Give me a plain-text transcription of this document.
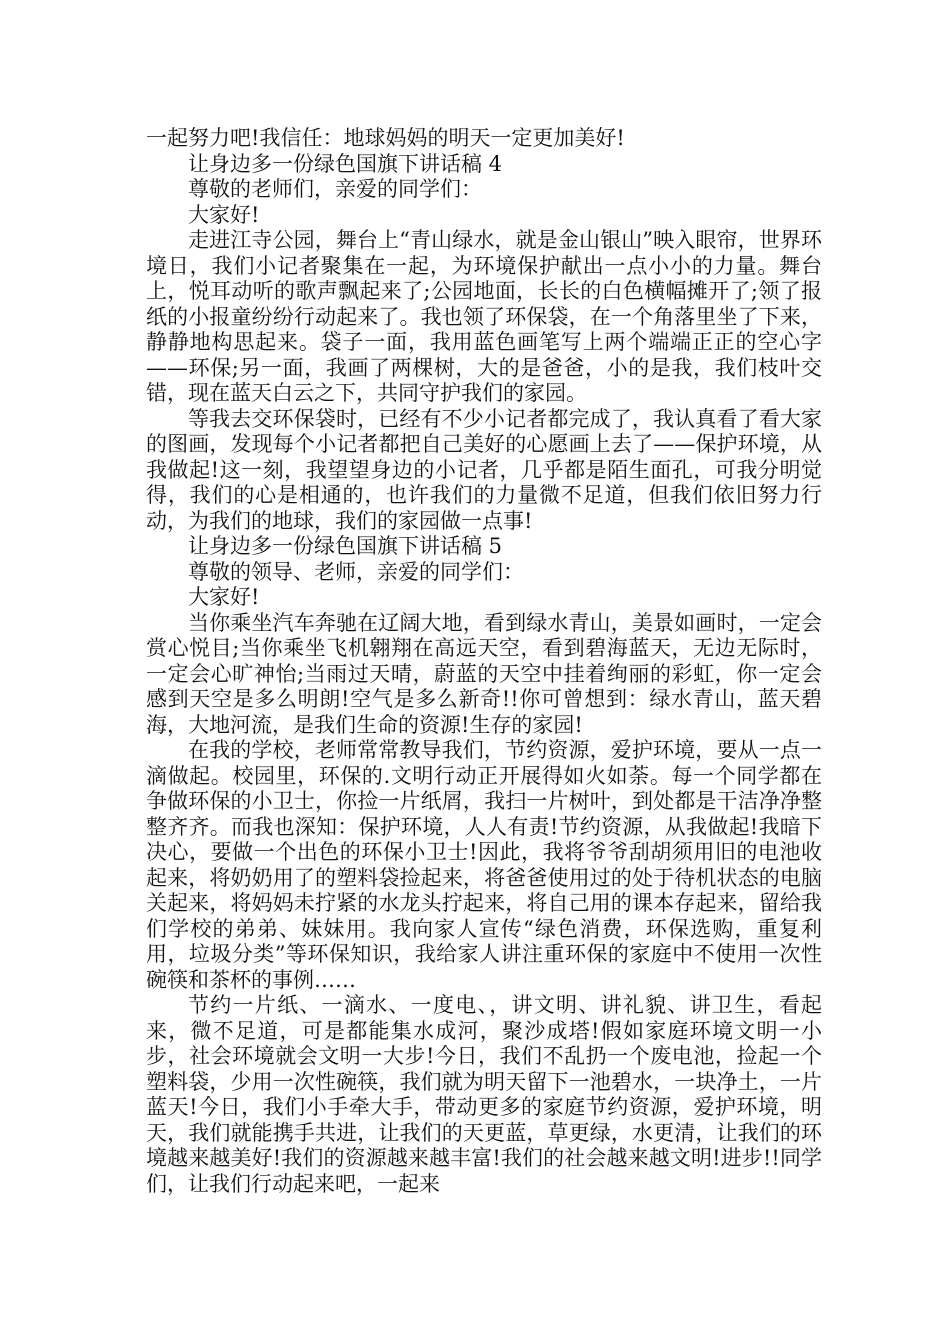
一起努力吧!我信任：地球妈妈的明天一定更加美好!

让身边多一份绿色国旗下讲话稿 4

尊敬的老师们，亲爱的同学们：

大家好!

走进江寺公园，舞台上“青山绿水，就是金山银山”映入眼帘，世界环境日，我们小记者聚集在一起，为环境保护献出一点小小的力量。舞台上，悦耳动听的歌声飘起来了;公园地面，长长的白色横幅摊开了;领了报纸的小报童纷纷行动起来了。我也领了环保袋，在一个角落里坐了下来，静静地构思起来。袋子一面，我用蓝色画笔写上两个端端正正的空心字——环保;另一面，我画了两棵树，大的是爸爸，小的是我，我们枝叶交错，现在蓝天白云之下，共同守护我们的家园。

等我去交环保袋时，已经有不少小记者都完成了，我认真看了看大家的图画，发现每个小记者都把自己美好的心愿画上去了——保护环境，从我做起!这一刻，我望望身边的小记者，几乎都是陌生面孔，可我分明觉得，我们的心是相通的，也许我们的力量微不足道，但我们依旧努力行动，为我们的地球，我们的家园做一点事!

让身边多一份绿色国旗下讲话稿 5

尊敬的领导、老师，亲爱的同学们：

大家好!

当你乘坐汽车奔驰在辽阔大地，看到绿水青山，美景如画时，一定会赏心悦目;当你乘坐飞机翱翔在高远天空，看到碧海蓝天，无边无际时，一定会心旷神怡;当雨过天晴，蔚蓝的天空中挂着绚丽的彩虹，你一定会感到天空是多么明朗!空气是多么新奇!!你可曾想到：绿水青山，蓝天碧海，大地河流，是我们生命的资源!生存的家园!

在我的学校，老师常常教导我们，节约资源，爱护环境，要从一点一滴做起。校园里，环保的.文明行动正开展得如火如荼。每一个同学都在争做环保的小卫士，你捡一片纸屑，我扫一片树叶，到处都是干洁净净整整齐齐。而我也深知：保护环境，人人有责!节约资源，从我做起!我暗下决心，要做一个出色的环保小卫士!因此，我将爷爷刮胡须用旧的电池收起来，将奶奶用了的塑料袋捡起来，将爸爸使用过的处于待机状态的电脑关起来，将妈妈未拧紧的水龙头拧起来，将自己用的课本存起来，留给我们学校的弟弟、妹妹用。我向家人宣传“绿色消费，环保选购，重复利用，垃圾分类”等环保知识，我给家人讲注重环保的家庭中不使用一次性碗筷和茶杯的事例……

节约一片纸、一滴水、一度电、，讲文明、讲礼貌、讲卫生，看起来，微不足道，可是都能集水成河，聚沙成塔!假如家庭环境文明一小步，社会环境就会文明一大步!今日，我们不乱扔一个废电池，捡起一个塑料袋，少用一次性碗筷，我们就为明天留下一池碧水，一块净土，一片蓝天!今日，我们小手牵大手，带动更多的家庭节约资源，爱护环境，明天，我们就能携手共进，让我们的天更蓝，草更绿，水更清，让我们的环境越来越美好!我们的资源越来越丰富!我们的社会越来越文明!进步!!同学们，让我们行动起来吧，一起来
